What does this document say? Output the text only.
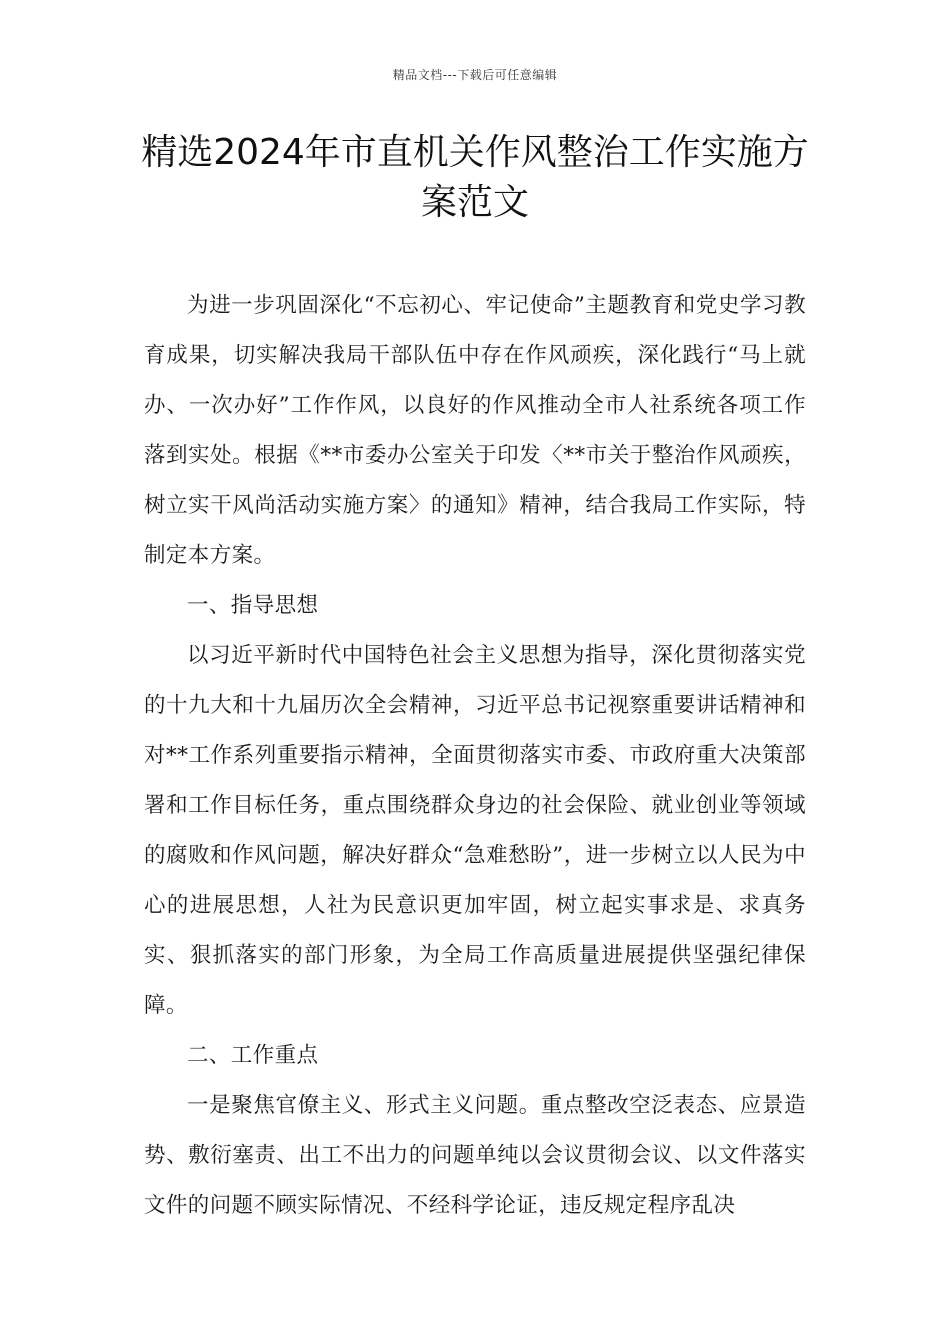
精品文档---下载后可任意编辑
精选2024年市直机关作风整治工作实施方案范文

为进一步巩固深化“不忘初心、牢记使命”主题教育和党史学习教育成果，切实解决我局干部队伍中存在作风顽疾，深化践行“马上就办、一次办好”工作作风，以良好的作风推动全市人社系统各项工作落到实处。根据《**市委办公室关于印发〈**市关于整治作风顽疾，树立实干风尚活动实施方案〉的通知》精神，结合我局工作实际，特制定本方案。

一、指导思想

以习近平新时代中国特色社会主义思想为指导，深化贯彻落实党的十九大和十九届历次全会精神，习近平总书记视察重要讲话精神和对**工作系列重要指示精神，全面贯彻落实市委、市政府重大决策部署和工作目标任务，重点围绕群众身边的社会保险、就业创业等领域的腐败和作风问题，解决好群众“急难愁盼”，进一步树立以人民为中心的进展思想，人社为民意识更加牢固，树立起实事求是、求真务实、狠抓落实的部门形象，为全局工作高质量进展提供坚强纪律保障。

二、工作重点

一是聚焦官僚主义、形式主义问题。重点整改空泛表态、应景造势、敷衍塞责、出工不出力的问题单纯以会议贯彻会议、以文件落实文件的问题不顾实际情况、不经科学论证，违反规定程序乱决
